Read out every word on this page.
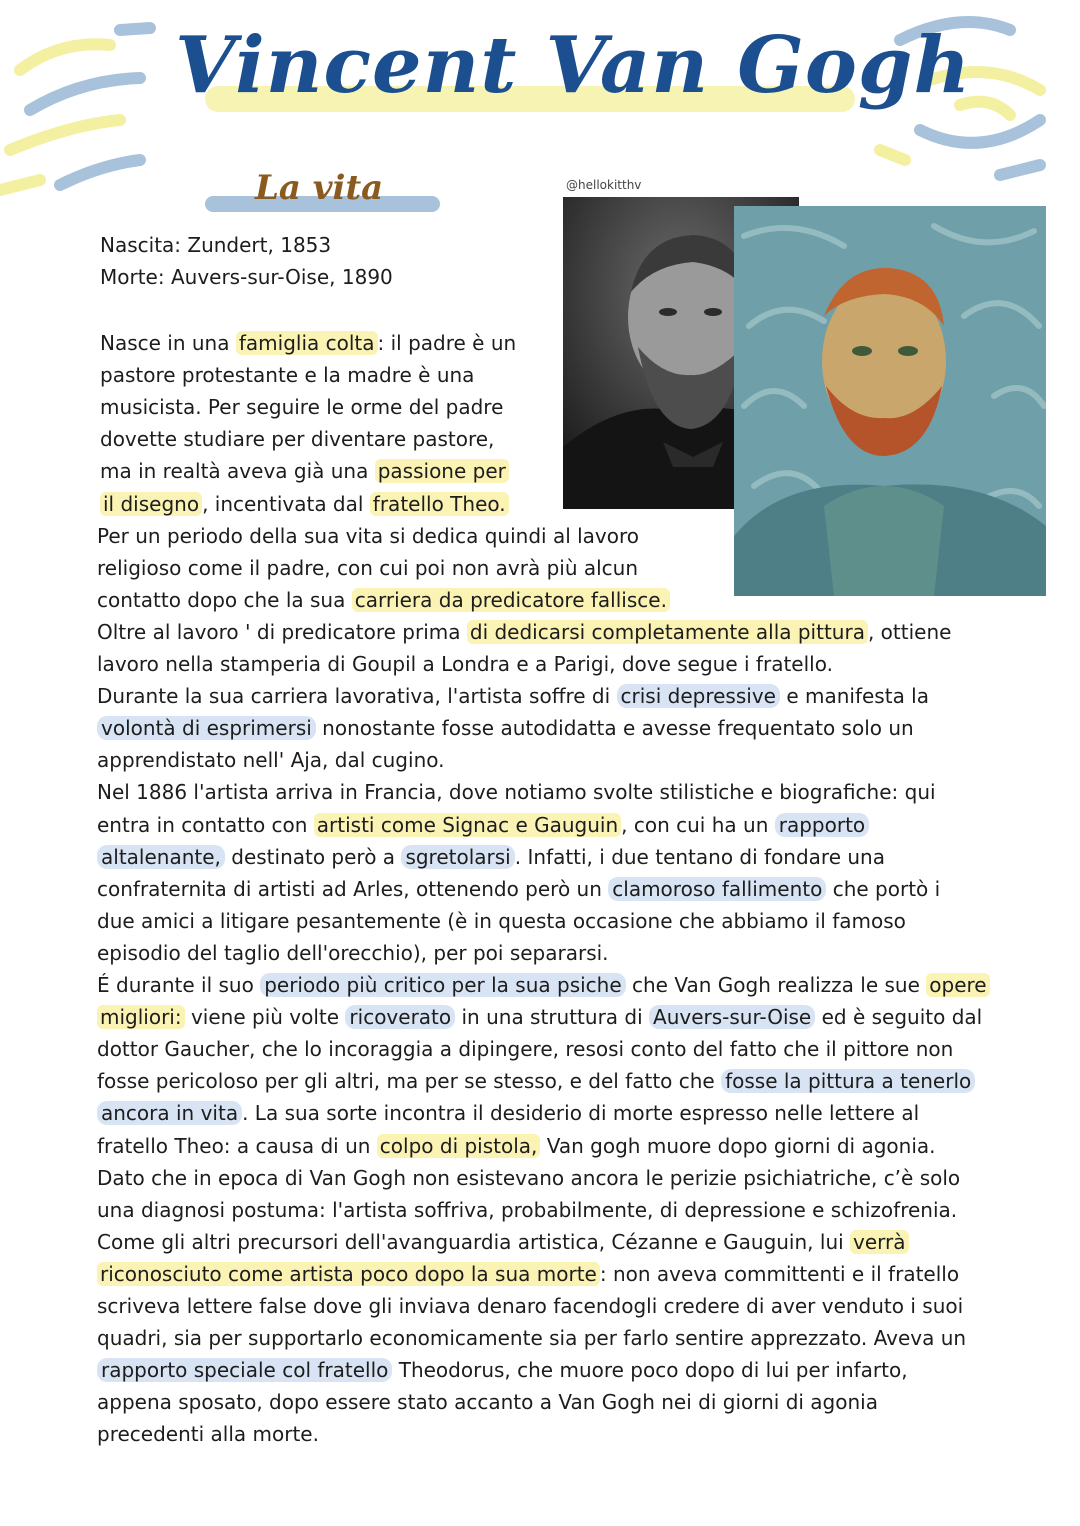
Vincent Van Gogh
La vita	@hellokitthv
Nascita: Zundert, 1853
Morte: Auvers-sur-Oise, 1890
Nasce in una famiglia colta : il padre è un
pastore protestante e la madre è una
musicista. Per seguire le orme del padre
dovette studiare per diventare pastore,
ma in realtà aveva già una passione per
il disegno , incentivata dal fratello Theo.
Per un periodo della sua vita si dedica quindi al lavoro
religioso come il padre, con cui poi non avrà più alcun
contatto dopo che la sua carriera da predicatore fallisce.
Oltre al lavoro ' di predicatore prima di dedicarsi completamente alla pittura , ottiene
lavoro nella stamperia di Goupil a Londra e a Parigi, dove segue i fratello.
Durante la sua carriera lavorativa, l'artista soffre di crisi depressive e manifesta la
volontà di esprimersi nonostante fosse autodidatta e avesse frequentato solo un
apprendistato nell' Aja, dal cugino.
Nel 1886 l'artista arriva in Francia, dove notiamo svolte stilistiche e biografiche: qui
entra in contatto con artisti come Signac e Gauguin , con cui ha un rapporto
altalenante, destinato però a sgretolarsi . Infatti, i due tentano di fondare una
confraternita di artisti ad Arles, ottenendo però un clamoroso fallimento che portò i
due amici a litigare pesantemente (è in questa occasione che abbiamo il famoso
episodio del taglio dell'orecchio), per poi separarsi.
É durante il suo periodo più critico per la sua psiche che Van Gogh realizza le sue opere
migliori: viene più volte ricoverato in una struttura di Auvers-sur-Oise ed è seguito dal
dottor Gaucher, che lo incoraggia a dipingere, resosi conto del fatto che il pittore non
fosse pericoloso per gli altri, ma per se stesso, e del fatto che fosse la pittura a tenerlo
ancora in vita . La sua sorte incontra il desiderio di morte espresso nelle lettere al
fratello Theo: a causa di un colpo di pistola, Van gogh muore dopo giorni di agonia.
Dato che in epoca di Van Gogh non esistevano ancora le perizie psichiatriche, c’è solo
una diagnosi postuma: l'artista soffriva, probabilmente, di depressione e schizofrenia.
Come gli altri precursori dell'avanguardia artistica, Cézanne e Gauguin, lui verrà
riconosciuto come artista poco dopo la sua morte : non aveva committenti e il fratello
scriveva lettere false dove gli inviava denaro facendogli credere di aver venduto i suoi
quadri, sia per supportarlo economicamente sia per farlo sentire apprezzato. Aveva un
rapporto speciale col fratello Theodorus, che muore poco dopo di lui per infarto,
appena sposato, dopo essere stato accanto a Van Gogh nei di giorni di agonia
precedenti alla morte.
